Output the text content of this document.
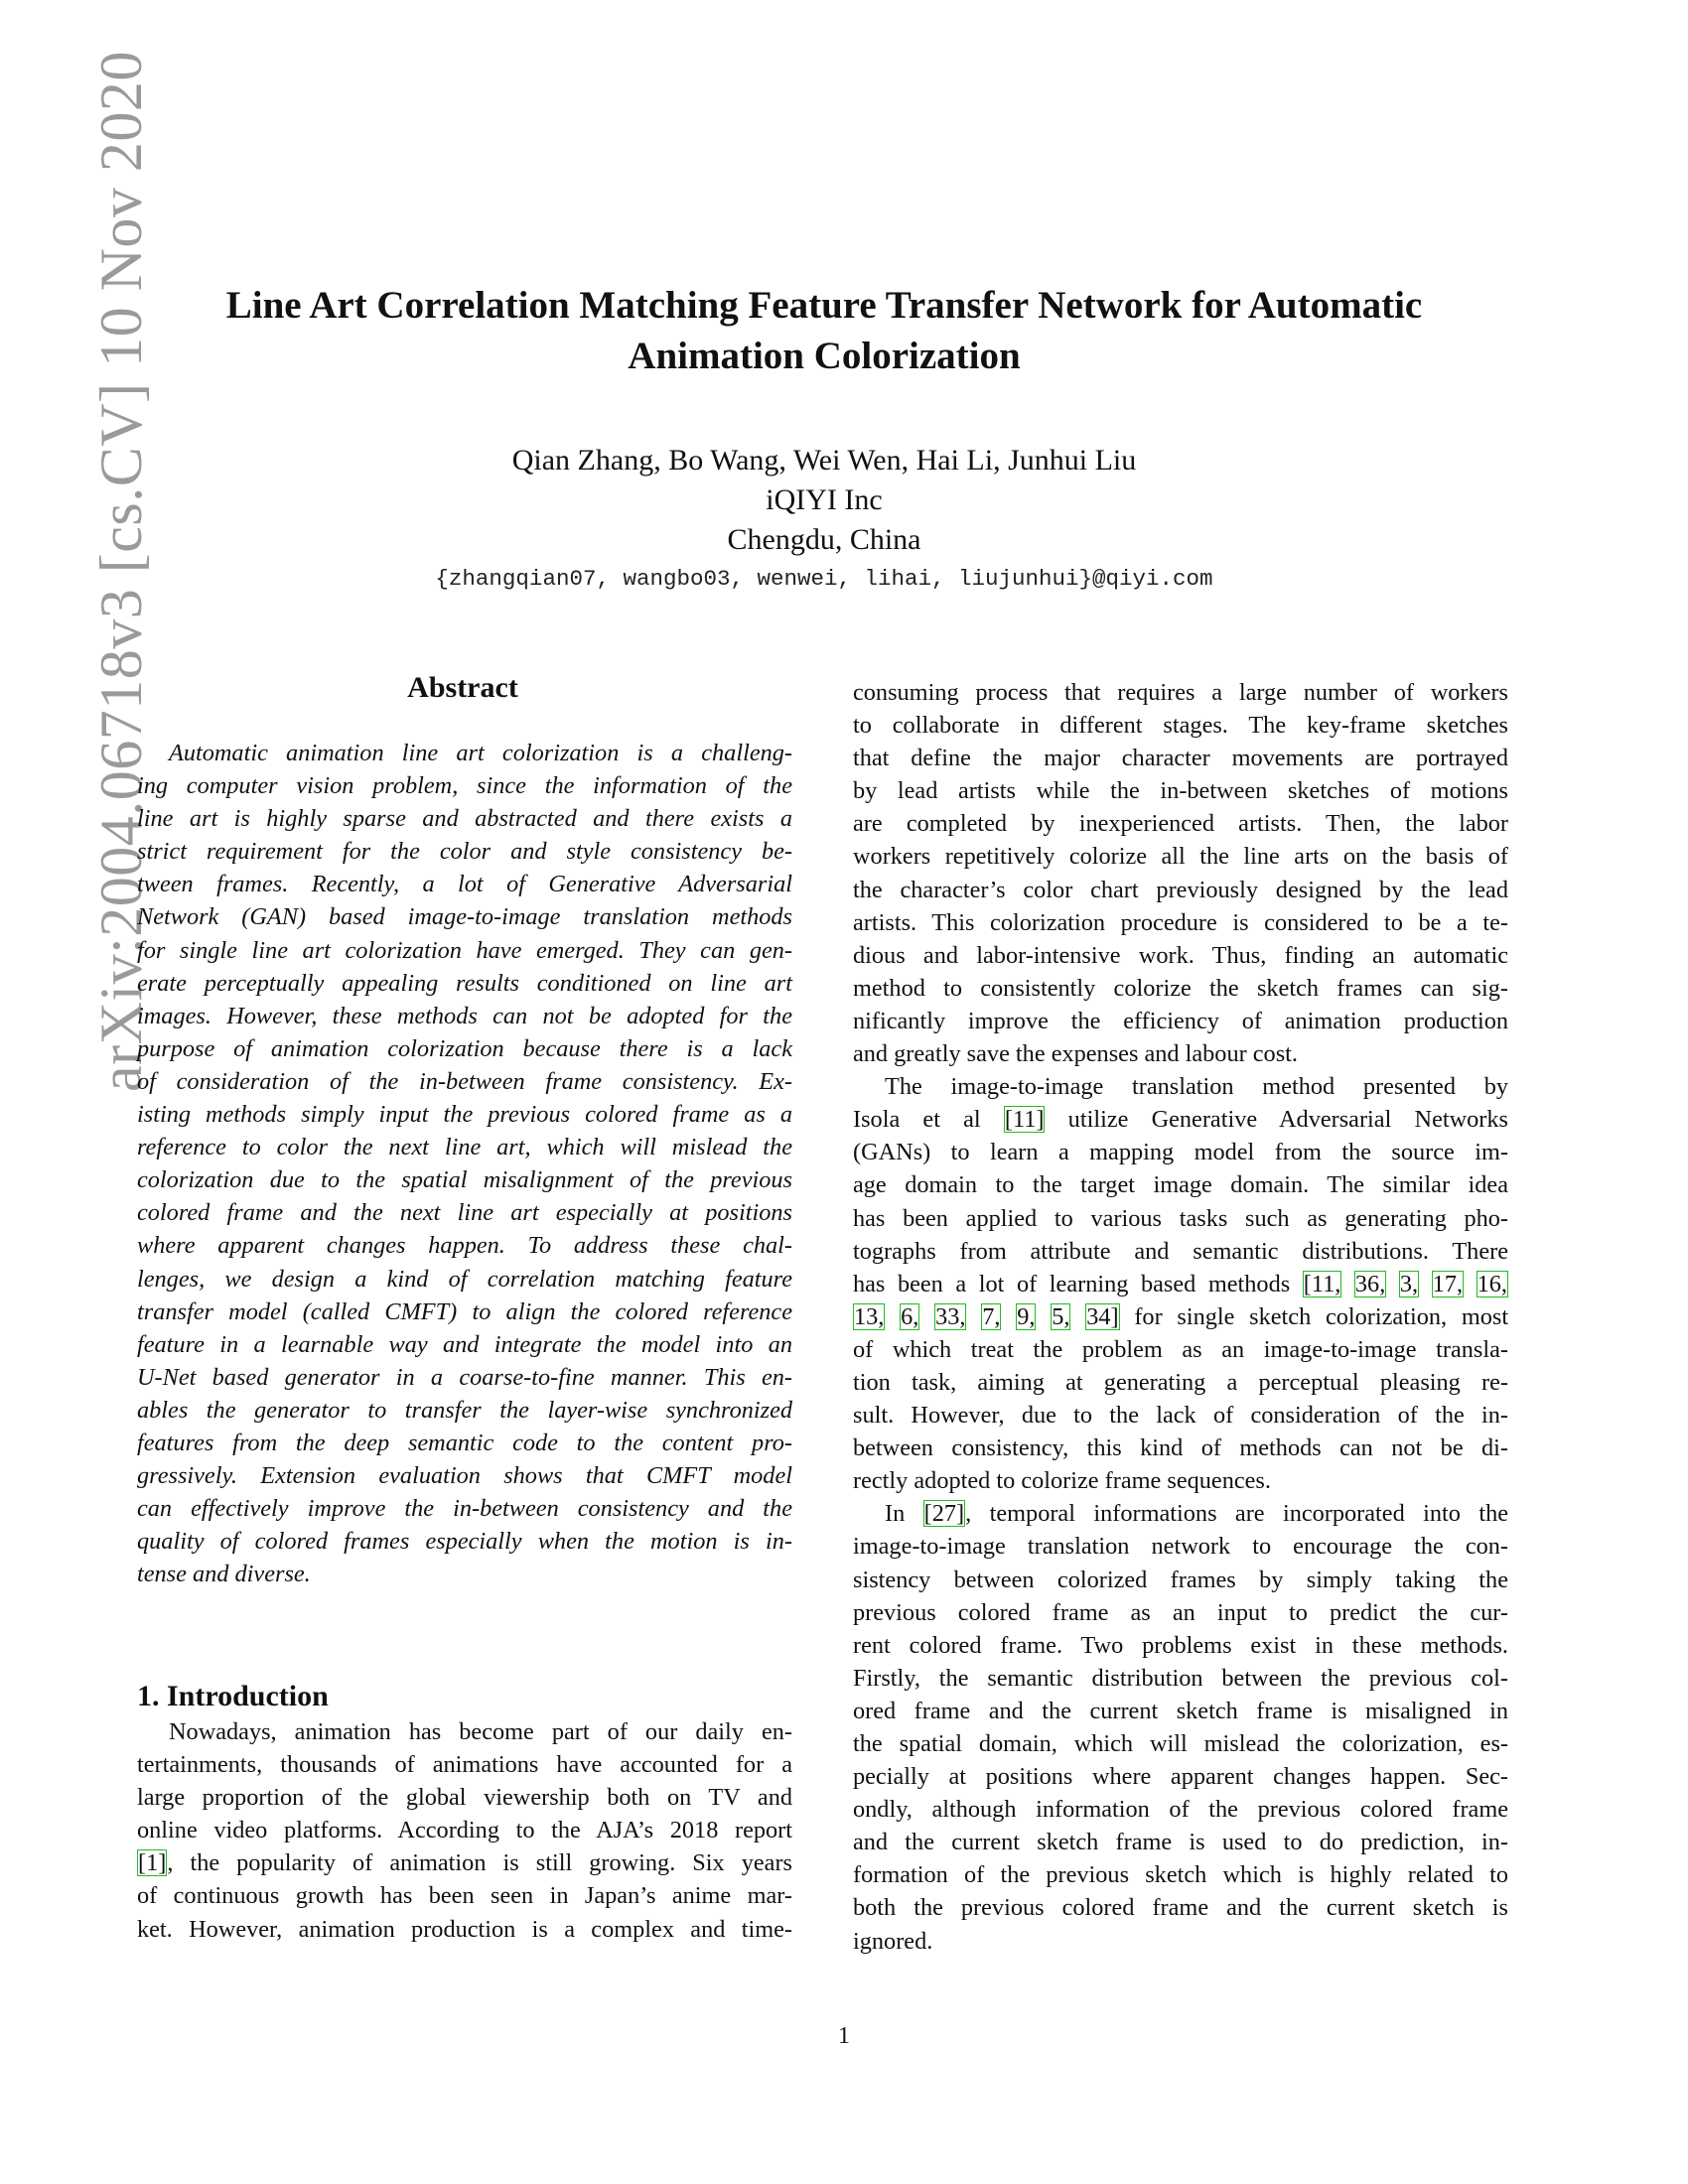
arXiv:2004.06718v3 [cs.CV] 10 Nov 2020	Line Art Correlation Matching Feature Transfer Network for Automatic
Animation Colorization
Qian Zhang, Bo Wang, Wei Wen, Hai Li, Junhui Liu
iQIYI Inc
Chengdu, China
{zhangqian07, wangbo03, wenwei, lihai, liujunhui}@qiyi.com
Abstract
Automatic animation line art colorization is a challeng-
ing computer vision problem, since the information of the
line art is highly sparse and abstracted and there exists a
strict requirement for the color and style consistency be-
tween frames. Recently, a lot of Generative Adversarial
Network (GAN) based image-to-image translation methods
for single line art colorization have emerged. They can gen-
erate perceptually appealing results conditioned on line art
images. However, these methods can not be adopted for the
purpose of animation colorization because there is a lack
of consideration of the in-between frame consistency. Ex-
isting methods simply input the previous colored frame as a
reference to color the next line art, which will mislead the
colorization due to the spatial misalignment of the previous
colored frame and the next line art especially at positions
where apparent changes happen. To address these chal-
lenges, we design a kind of correlation matching feature
transfer model (called CMFT) to align the colored reference
feature in a learnable way and integrate the model into an
U-Net based generator in a coarse-to-fine manner. This en-
ables the generator to transfer the layer-wise synchronized
features from the deep semantic code to the content pro-
gressively. Extension evaluation shows that CMFT model
can effectively improve the in-between consistency and the
quality of colored frames especially when the motion is in-
tense and diverse.
1. Introduction
Nowadays, animation has become part of our daily en-
tertainments, thousands of animations have accounted for a
large proportion of the global viewership both on TV and
online video platforms. According to the AJA’s 2018 report
[1], the popularity of animation is still growing. Six years
of continuous growth has been seen in Japan’s anime mar-
ket. However, animation production is a complex and time-
consuming process that requires a large number of workers
to collaborate in different stages. The key-frame sketches
that define the major character movements are portrayed
by lead artists while the in-between sketches of motions
are completed by inexperienced artists. Then, the labor
workers repetitively colorize all the line arts on the basis of
the character’s color chart previously designed by the lead
artists. This colorization procedure is considered to be a te-
dious and labor-intensive work. Thus, finding an automatic
method to consistently colorize the sketch frames can sig-
nificantly improve the efficiency of animation production
and greatly save the expenses and labour cost.
The image-to-image translation method presented by
Isola et al [11] utilize Generative Adversarial Networks
(GANs) to learn a mapping model from the source im-
age domain to the target image domain. The similar idea
has been applied to various tasks such as generating pho-
tographs from attribute and semantic distributions. There
has been a lot of learning based methods [11, 36, 3, 17, 16,
13, 6, 33, 7, 9, 5, 34] for single sketch colorization, most
of which treat the problem as an image-to-image transla-
tion task, aiming at generating a perceptual pleasing re-
sult. However, due to the lack of consideration of the in-
between consistency, this kind of methods can not be di-
rectly adopted to colorize frame sequences.
In [27], temporal informations are incorporated into the
image-to-image translation network to encourage the con-
sistency between colorized frames by simply taking the
previous colored frame as an input to predict the cur-
rent colored frame. Two problems exist in these methods.
Firstly, the semantic distribution between the previous col-
ored frame and the current sketch frame is misaligned in
the spatial domain, which will mislead the colorization, es-
pecially at positions where apparent changes happen. Sec-
ondly, although information of the previous colored frame
and the current sketch frame is used to do prediction, in-
formation of the previous sketch which is highly related to
both the previous colored frame and the current sketch is
ignored.
1
